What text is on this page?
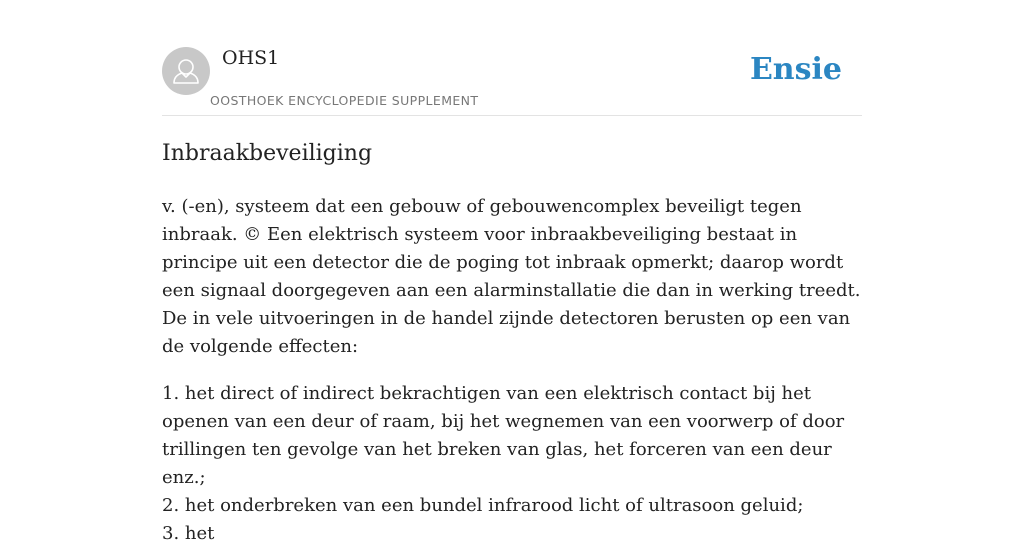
OHS1
OOSTHOEK ENCYCLOPEDIE SUPPLEMENT
Ensie
Inbraakbeveiliging

v. (-en), systeem dat een gebouw of gebouwencomplex beveiligt tegen inbraak. © Een elektrisch systeem voor inbraakbeveiliging bestaat in principe uit een detector die de poging tot inbraak opmerkt; daarop wordt een signaal doorgegeven aan een alarminstallatie die dan in werking treedt. De in vele uitvoeringen in de handel zijnde detectoren berusten op een van de volgende effecten:

1. het direct of indirect bekrachtigen van een elektrisch contact bij het openen van een deur of raam, bij het wegnemen van een voorwerp of door trillingen ten gevolge van het breken van glas, het forceren van een deur enz.;
2. het onderbreken van een bundel infrarood licht of ultrasoon geluid;
3. het
